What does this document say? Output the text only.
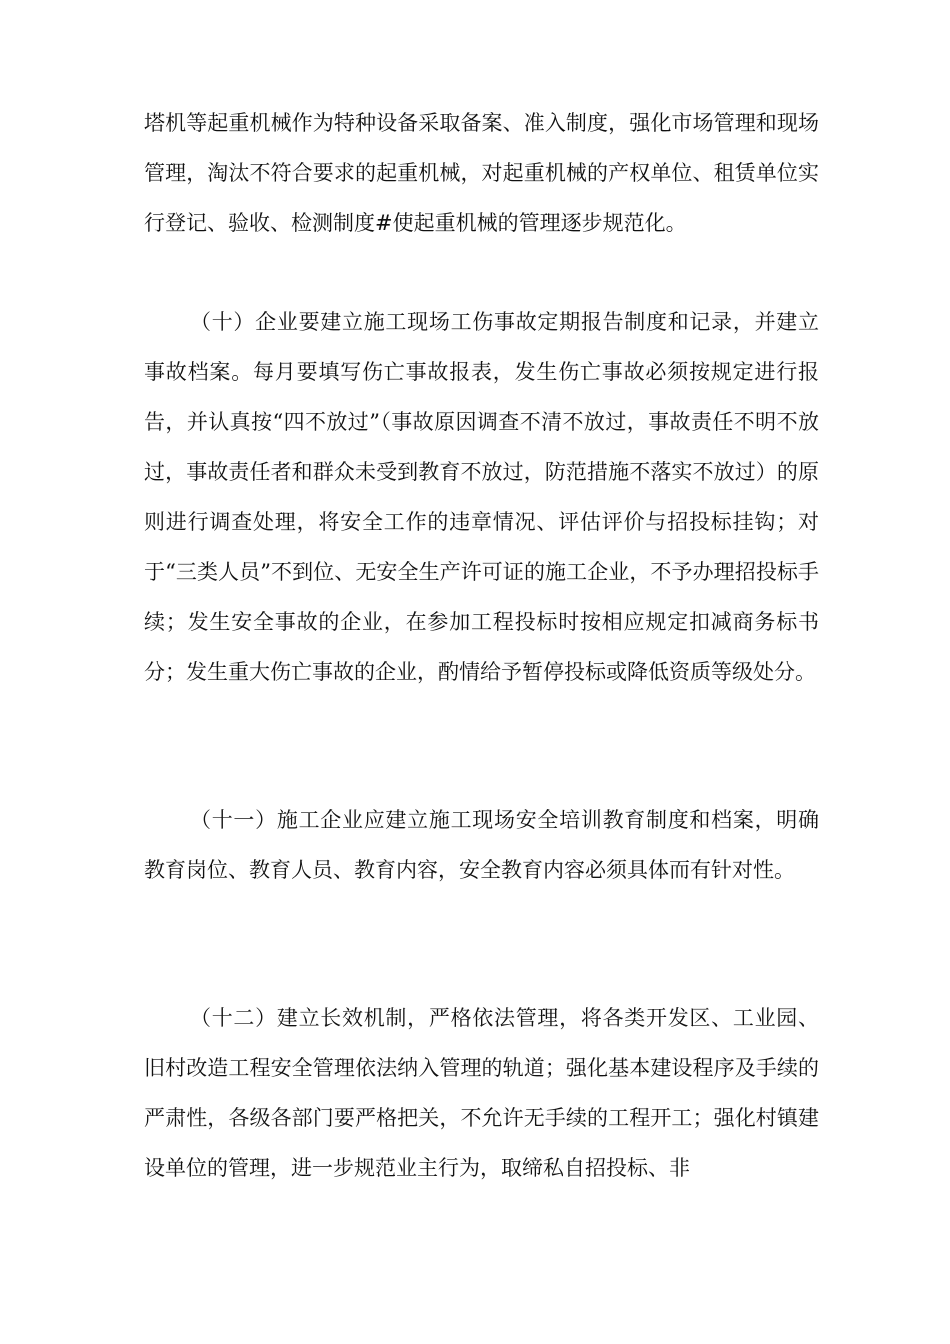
塔机等起重机械作为特种设备采取备案、准入制度，强化市场管理和现场管理，淘汰不符合要求的起重机械，对起重机械的产权单位、租赁单位实行登记、验收、检测制度#使起重机械的管理逐步规范化。

（十）企业要建立施工现场工伤事故定期报告制度和记录，并建立事故档案。每月要填写伤亡事故报表，发生伤亡事故必须按规定进行报告，并认真按“四不放过”（事故原因调查不清不放过，事故责任不明不放过，事故责任者和群众未受到教育不放过，防范措施不落实不放过）的原则进行调查处理，将安全工作的违章情况、评估评价与招投标挂钩；对于“三类人员”不到位、无安全生产许可证的施工企业，不予办理招投标手续；发生安全事故的企业，在参加工程投标时按相应规定扣减商务标书分；发生重大伤亡事故的企业，酌情给予暂停投标或降低资质等级处分。

（十一）施工企业应建立施工现场安全培训教育制度和档案，明确教育岗位、教育人员、教育内容，安全教育内容必须具体而有针对性。

（十二）建立长效机制，严格依法管理，将各类开发区、工业园、旧村改造工程安全管理依法纳入管理的轨道；强化基本建设程序及手续的严肃性，各级各部门要严格把关，不允许无手续的工程开工；强化村镇建设单位的管理，进一步规范业主行为，取缔私自招投标、非
